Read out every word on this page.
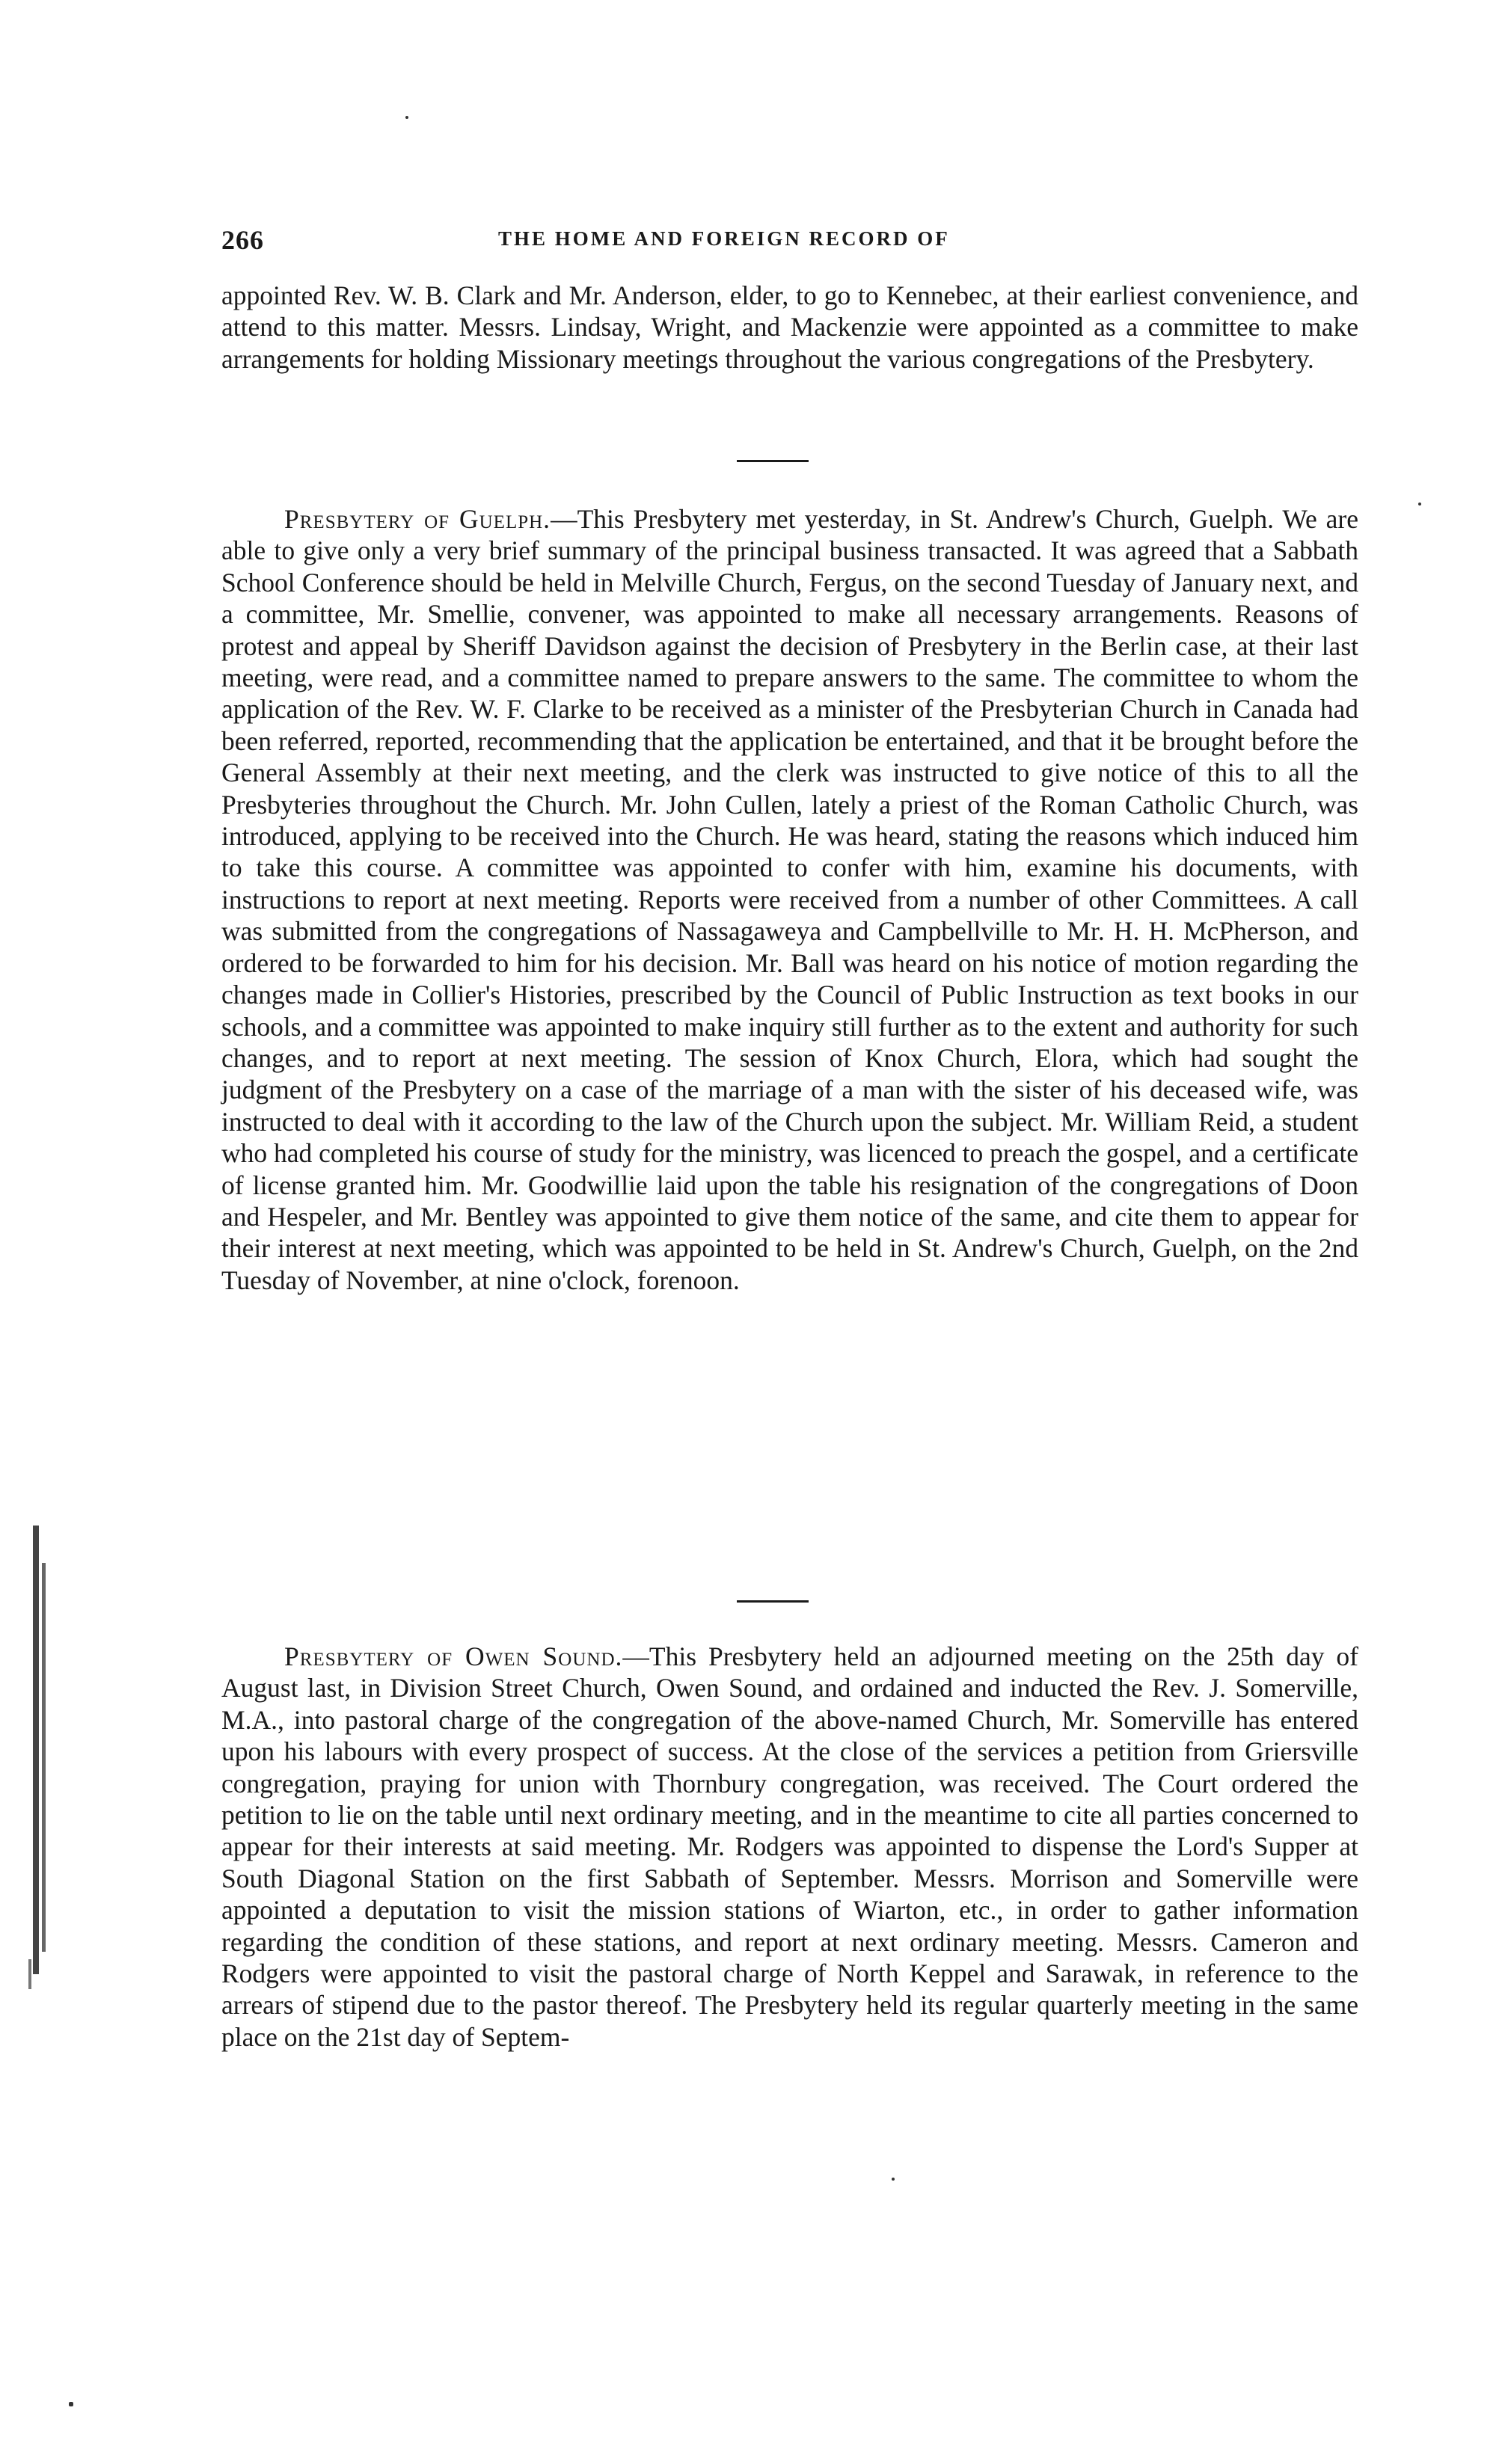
266	THE HOME AND FOREIGN RECORD OF

appointed Rev. W. B. Clark and Mr. Anderson, elder, to go to Kennebec, at their earliest convenience, and attend to this matter. Messrs. Lindsay, Wright, and Mackenzie were appointed as a committee to make arrangements for holding Missionary meetings throughout the various congregations of the Presbytery.

Presbytery of Guelph.—This Presbytery met yesterday, in St. Andrew's Church, Guelph. We are able to give only a very brief summary of the principal business transacted. It was agreed that a Sabbath School Conference should be held in Melville Church, Fergus, on the second Tuesday of January next, and a committee, Mr. Smellie, convener, was appointed to make all necessary arrangements. Reasons of protest and appeal by Sheriff Davidson against the decision of Presbytery in the Berlin case, at their last meeting, were read, and a committee named to prepare answers to the same. The committee to whom the application of the Rev. W. F. Clarke to be received as a minister of the Presbyterian Church in Canada had been referred, reported, recommending that the application be entertained, and that it be brought before the General Assembly at their next meeting, and the clerk was instructed to give notice of this to all the Presbyteries throughout the Church. Mr. John Cullen, lately a priest of the Roman Catholic Church, was introduced, applying to be received into the Church. He was heard, stating the reasons which induced him to take this course. A committee was appointed to confer with him, examine his documents, with instructions to report at next meeting. Reports were received from a number of other Committees. A call was submitted from the congregations of Nassagaweya and Campbellville to Mr. H. H. McPherson, and ordered to be forwarded to him for his decision. Mr. Ball was heard on his notice of motion regarding the changes made in Collier's Histories, prescribed by the Council of Public Instruction as text books in our schools, and a committee was appointed to make inquiry still further as to the extent and authority for such changes, and to report at next meeting. The session of Knox Church, Elora, which had sought the judgment of the Presbytery on a case of the marriage of a man with the sister of his deceased wife, was instructed to deal with it according to the law of the Church upon the subject. Mr. William Reid, a student who had completed his course of study for the ministry, was licenced to preach the gospel, and a certificate of license granted him. Mr. Goodwillie laid upon the table his resignation of the congregations of Doon and Hespeler, and Mr. Bentley was appointed to give them notice of the same, and cite them to appear for their interest at next meeting, which was appointed to be held in St. Andrew's Church, Guelph, on the 2nd Tuesday of November, at nine o'clock, forenoon.

Presbytery of Owen Sound.—This Presbytery held an adjourned meeting on the 25th day of August last, in Division Street Church, Owen Sound, and ordained and inducted the Rev. J. Somerville, M.A., into pastoral charge of the congregation of the above-named Church, Mr. Somerville has entered upon his labours with every prospect of success. At the close of the services a petition from Griersville congregation, praying for union with Thornbury congregation, was received. The Court ordered the petition to lie on the table until next ordinary meeting, and in the meantime to cite all parties concerned to appear for their interests at said meeting. Mr. Rodgers was appointed to dispense the Lord's Supper at South Diagonal Station on the first Sabbath of September. Messrs. Morrison and Somerville were appointed a deputation to visit the mission stations of Wiarton, etc., in order to gather information regarding the condition of these stations, and report at next ordinary meeting. Messrs. Cameron and Rodgers were appointed to visit the pastoral charge of North Keppel and Sarawak, in reference to the arrears of stipend due to the pastor thereof. The Presbytery held its regular quarterly meeting in the same place on the 21st day of Septem-
